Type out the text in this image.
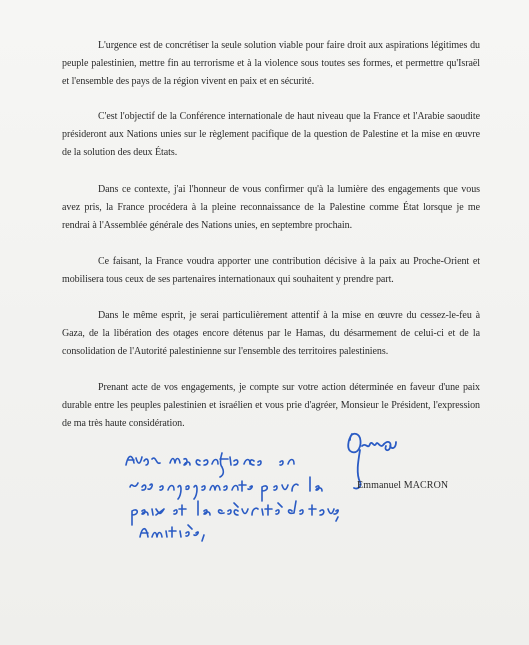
L'urgence est de concrétiser la seule solution viable pour faire droit aux aspirations légitimes du peuple palestinien, mettre fin au terrorisme et à la violence sous toutes ses formes, et permettre qu'Israël et l'ensemble des pays de la région vivent en paix et en sécurité.

C'est l'objectif de la Conférence internationale de haut niveau que la France et l'Arabie saoudite présideront aux Nations unies sur le règlement pacifique de la question de Palestine et la mise en œuvre de la solution des deux États.

Dans ce contexte, j'ai l'honneur de vous confirmer qu'à la lumière des engagements que vous avez pris, la France procédera à la pleine reconnaissance de la Palestine comme État lorsque je me rendrai à l'Assemblée générale des Nations unies, en septembre prochain.

Ce faisant, la France voudra apporter une contribution décisive à la paix au Proche-Orient et mobilisera tous ceux de ses partenaires internationaux qui souhaitent y prendre part.

Dans le même esprit, je serai particulièrement attentif à la mise en œuvre du cessez-le-feu à Gaza, de la libération des otages encore détenus par le Hamas, du désarmement de celui-ci et de la consolidation de l'Autorité palestinienne sur l'ensemble des territoires palestiniens.

Prenant acte de vos engagements, je compte sur votre action déterminée en faveur d'une paix durable entre les peuples palestinien et israélien et vous prie d'agréer, Monsieur le Président, l'expression de ma très haute considération.

Emmanuel MACRON
